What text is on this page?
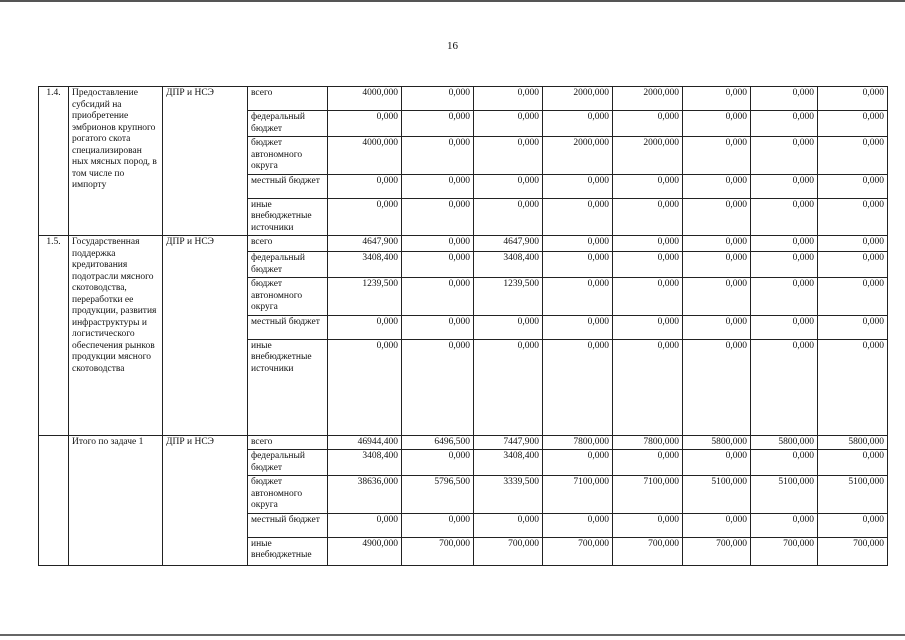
16
1.4.	Предоставление субсидий на приобретение эмбрионов крупного рогатого скота специализирован ных мясных пород, в том числе по импорту	ДПР и НСЭ	всего	4000,000	0,000	0,000	2000,000	2000,000	0,000	0,000	0,000
			федеральный бюджет	0,000	0,000	0,000	0,000	0,000	0,000	0,000	0,000
			бюджет автономного округа	4000,000	0,000	0,000	2000,000	2000,000	0,000	0,000	0,000
			местный бюджет	0,000	0,000	0,000	0,000	0,000	0,000	0,000	0,000
			иные внебюджетные источники	0,000	0,000	0,000	0,000	0,000	0,000	0,000	0,000
1.5.	Государственная поддержка кредитования подотрасли мясного скотоводства, переработки ее продукции, развития инфраструктуры и логистического обеспечения рынков продукции мясного скотоводства	ДПР и НСЭ	всего	4647,900	0,000	4647,900	0,000	0,000	0,000	0,000	0,000
			федеральный бюджет	3408,400	0,000	3408,400	0,000	0,000	0,000	0,000	0,000
			бюджет автономного округа	1239,500	0,000	1239,500	0,000	0,000	0,000	0,000	0,000
			местный бюджет	0,000	0,000	0,000	0,000	0,000	0,000	0,000	0,000
			иные внебюджетные источники	0,000	0,000	0,000	0,000	0,000	0,000	0,000	0,000
	Итого по задаче 1	ДПР и НСЭ	всего	46944,400	6496,500	7447,900	7800,000	7800,000	5800,000	5800,000	5800,000
			федеральный бюджет	3408,400	0,000	3408,400	0,000	0,000	0,000	0,000	0,000
			бюджет автономного округа	38636,000	5796,500	3339,500	7100,000	7100,000	5100,000	5100,000	5100,000
			местный бюджет	0,000	0,000	0,000	0,000	0,000	0,000	0,000	0,000
			иные внебюджетные	4900,000	700,000	700,000	700,000	700,000	700,000	700,000	700,000
